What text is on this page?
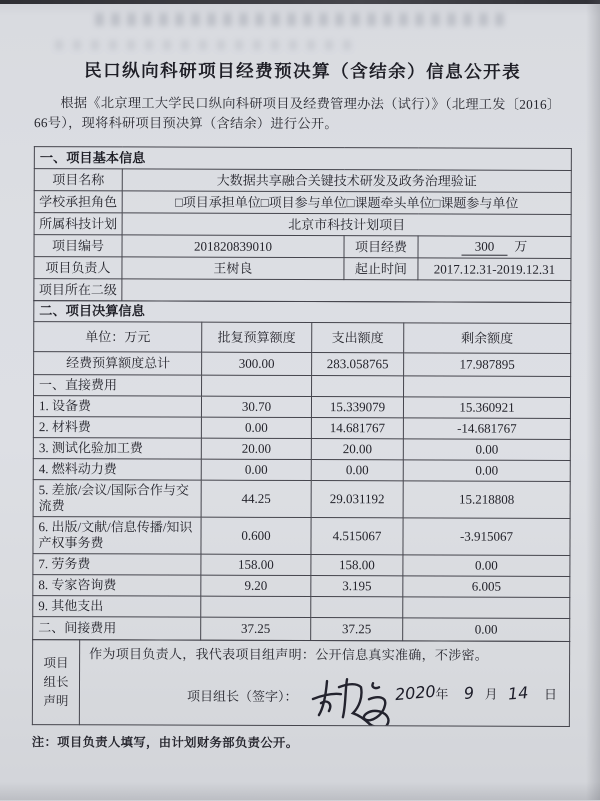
民口纵向科研项目经费预决算（含结余）信息公开表

根据《北京理工大学民口纵向科研项目及经费管理办法（试行）》（北理工发〔2016〕66号），现将科研项目预决算（含结余）进行公开。

一、项目基本信息			
项目名称	大数据共享融合关键技术研发及政务治理验证		
学校承担角色	□项目承担单位□项目参与单位□课题牵头单位□课题参与单位		
所属科技计划	北京市科技计划项目		
项目编号	201820839010	项目经费	300 万
项目负责人	王树良	起止时间	2017.12.31-2019.12.31
项目所在二级			
二、项目决算信息			
单位：万元	批复预算额度	支出额度	剩余额度
经费预算额度总计	300.00	283.058765	17.987895
一、直接费用			
1. 设备费	30.70	15.339079	15.360921
2. 材料费	0.00	14.681767	-14.681767
3. 测试化验加工费	20.00	20.00	0.00
4. 燃料动力费	0.00	0.00	0.00
5. 差旅/会议/国际合作与交流费	44.25	29.031192	15.218808
6. 出版/文献/信息传播/知识产权事务费	0.600	4.515067	-3.915067
7. 劳务费	158.00	158.00	0.00
8. 专家咨询费	9.20	3.195	6.005
9. 其他支出			
二、间接费用	37.25	37.25	0.00
项目
组长
声明

作为项目负责人，我代表项目组声明：公开信息真实准确，不涉密。
项目组长（签字）：	2020年 9 月 14 日
注：项目负责人填写，由计划财务部负责公开。
